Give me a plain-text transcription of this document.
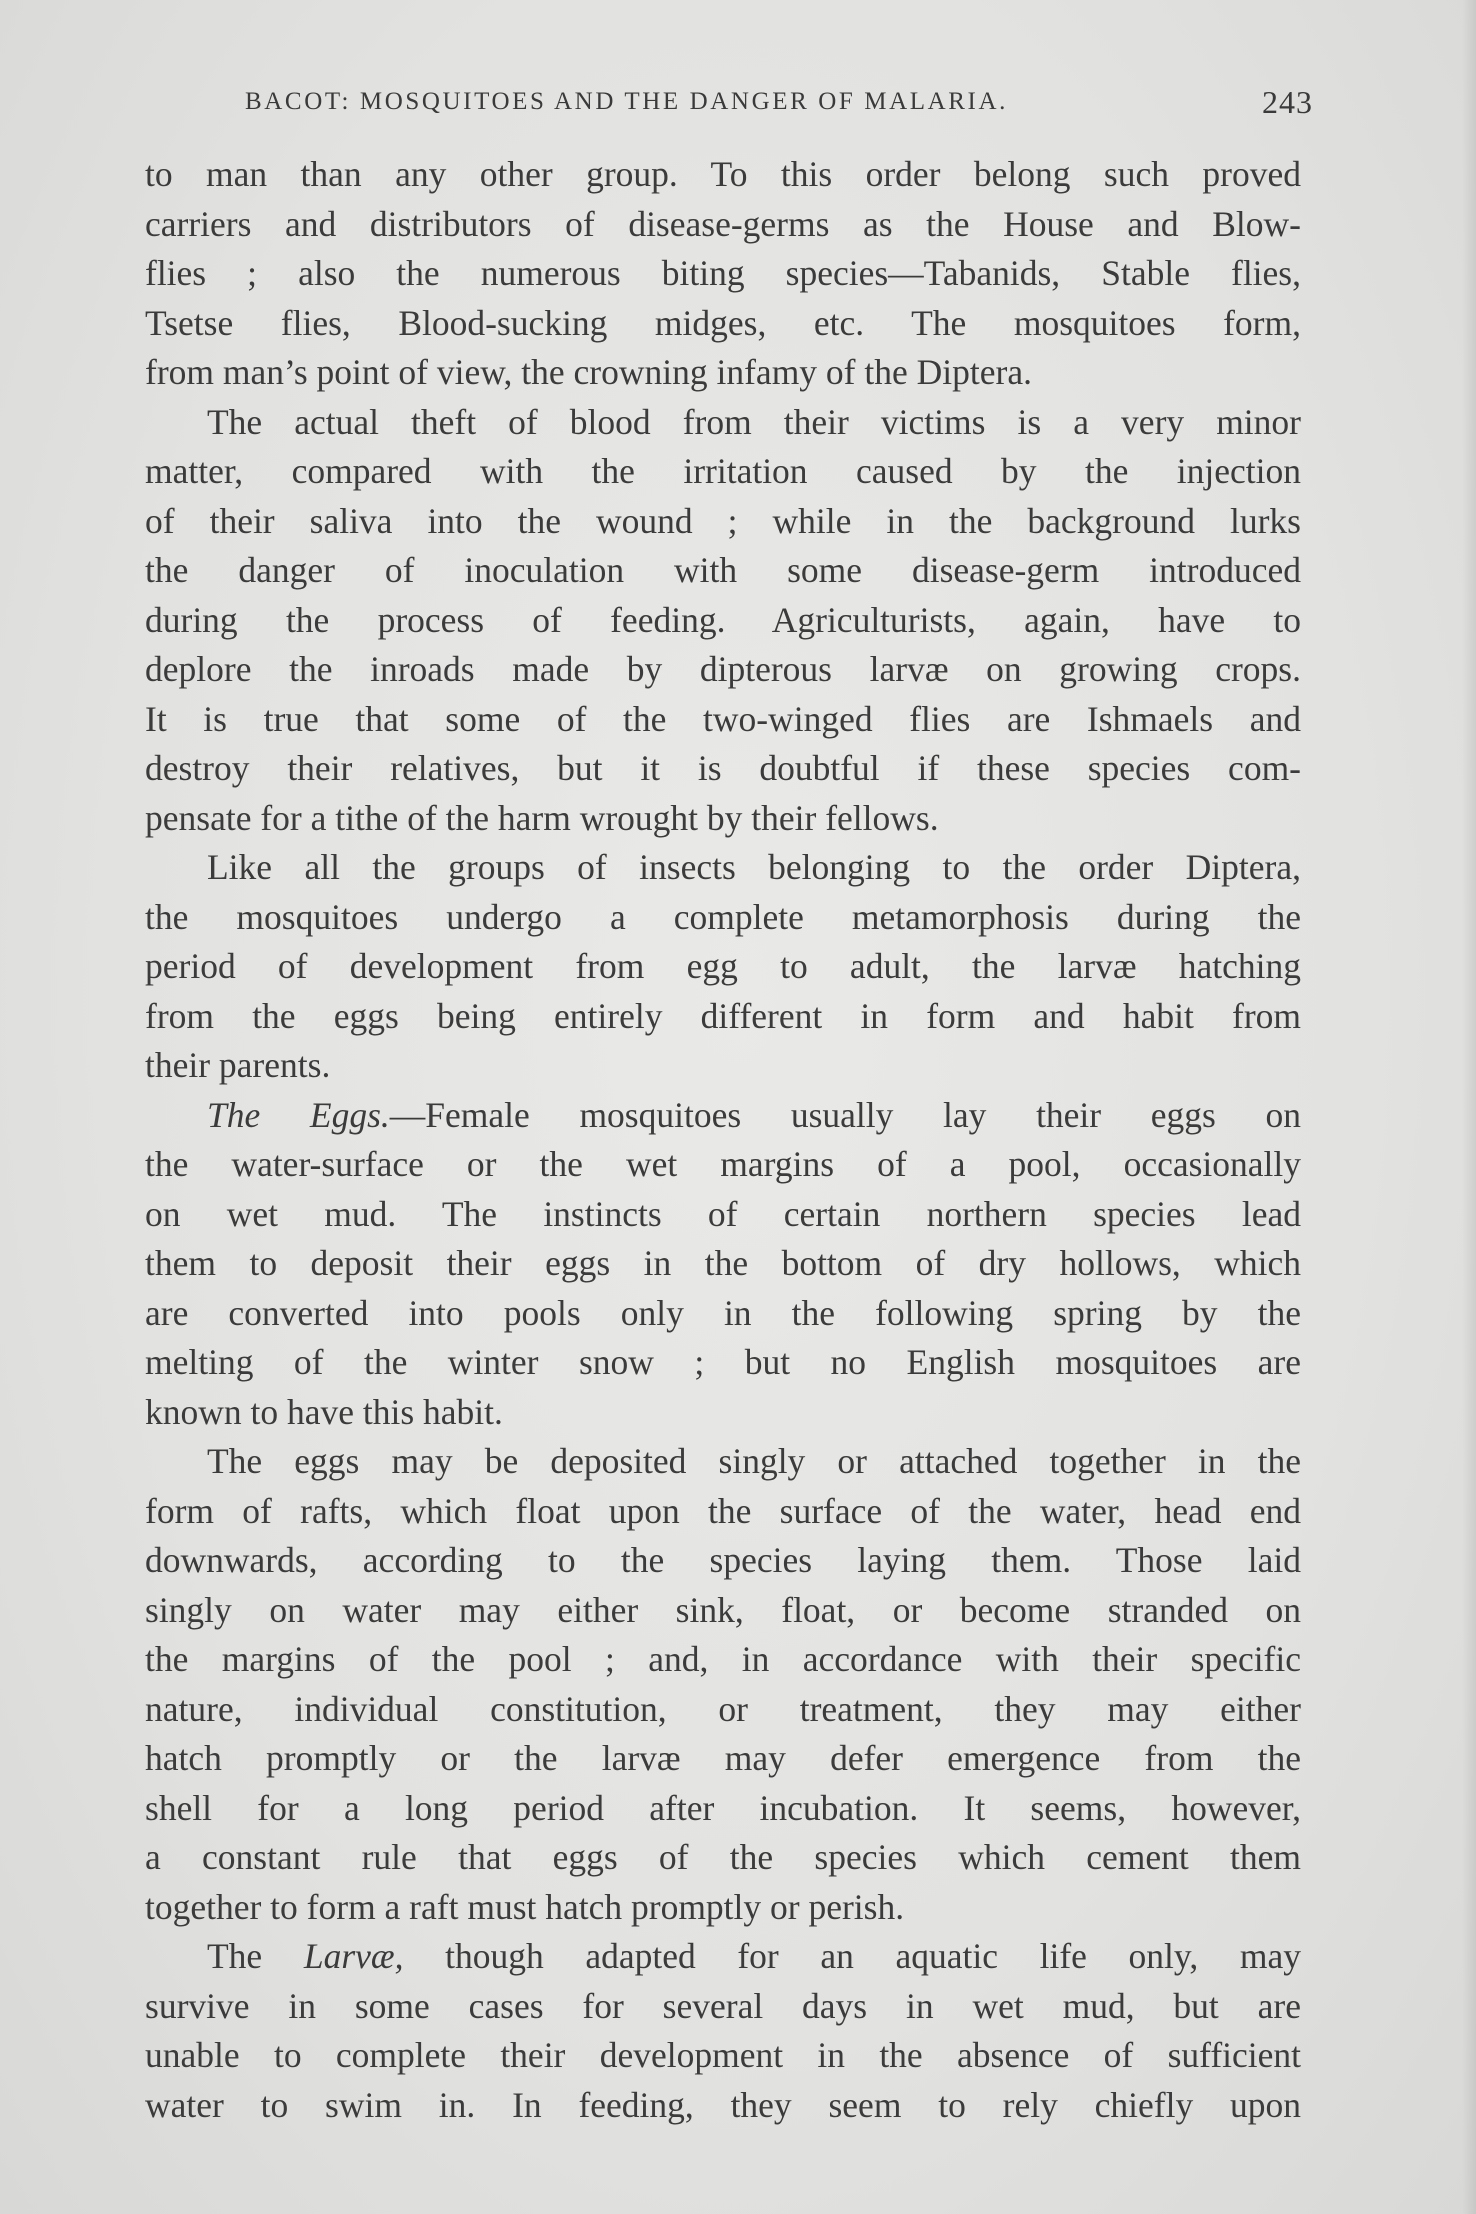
BACOT: MOSQUITOES AND THE DANGER OF MALARIA.	243
to man than any other group. To this order belong such proved
carriers and distributors of disease-germs as the House and Blow-
flies ; also the numerous biting species—Tabanids, Stable flies,
Tsetse flies, Blood-sucking midges, etc. The mosquitoes form,
from man’s point of view, the crowning infamy of the Diptera.
The actual theft of blood from their victims is a very minor
matter, compared with the irritation caused by the injection
of their saliva into the wound ; while in the background lurks
the danger of inoculation with some disease-germ introduced
during the process of feeding. Agriculturists, again, have to
deplore the inroads made by dipterous larvæ on growing crops.
It is true that some of the two-winged flies are Ishmaels and
destroy their relatives, but it is doubtful if these species com-
pensate for a tithe of the harm wrought by their fellows.
Like all the groups of insects belonging to the order Diptera,
the mosquitoes undergo a complete metamorphosis during the
period of development from egg to adult, the larvæ hatching
from the eggs being entirely different in form and habit from
their parents.
The Eggs.—Female mosquitoes usually lay their eggs on
the water-surface or the wet margins of a pool, occasionally
on wet mud. The instincts of certain northern species lead
them to deposit their eggs in the bottom of dry hollows, which
are converted into pools only in the following spring by the
melting of the winter snow ; but no English mosquitoes are
known to have this habit.
The eggs may be deposited singly or attached together in the
form of rafts, which float upon the surface of the water, head end
downwards, according to the species laying them. Those laid
singly on water may either sink, float, or become stranded on
the margins of the pool ; and, in accordance with their specific
nature, individual constitution, or treatment, they may either
hatch promptly or the larvæ may defer emergence from the
shell for a long period after incubation. It seems, however,
a constant rule that eggs of the species which cement them
together to form a raft must hatch promptly or perish.
The Larvæ, though adapted for an aquatic life only, may
survive in some cases for several days in wet mud, but are
unable to complete their development in the absence of sufficient
water to swim in. In feeding, they seem to rely chiefly upon
